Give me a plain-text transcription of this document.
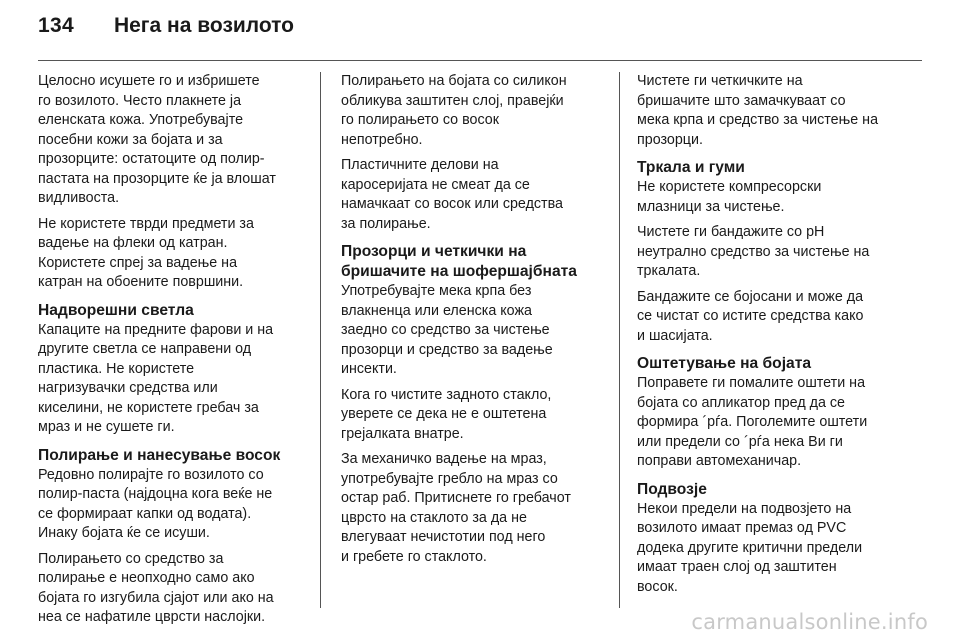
134 Нега на возилото

Целосно исушете го и избришете
го возилото. Често плакнете ја
еленската кожа. Употребувајте
посебни кожи за бојата и за
прозорците: остатоците од полир-
пастата на прозорците ќе ја влошат
видливоста.

Не користете тврди предмети за
вадење на флеки од катран.
Користете спреј за вадење на
катран на обоените површини.

Надворешни светла

Капаците на предните фарови и на
другите светла се направени од
пластика. Не користете
нагризувачки средства или
киселини, не користете гребач за
мраз и не сушете ги.

Полирање и нанесување восок

Редовно полирајте го возилото со
полир-паста (најдоцна кога веќе не
се формираат капки од водата).
Инаку бојата ќе се исуши.

Полирањето со средство за
полирање е неопходно само ако
бојата го изгубила сјајот или ако на
неа се нафатиле цврсти наслојки.

Полирањето на бојата со силикон
обликува заштитен слој, правејќи
го полирањето со восок
непотребно.

Пластичните делови на
каросеријата не смеат да се
намачкаат со восок или средства
за полирање.

Прозорци и четкички на
бришачите на шофершајбната

Употребувајте мека крпа без
влакненца или еленска кожа
заедно со средство за чистење
прозорци и средство за вадење
инсекти.

Кога го чистите задното стакло,
уверете се дека не е оштетена
грејалката внатре.

За механичко вадење на мраз,
употребувајте гребло на мраз со
остар раб. Притиснете го гребачот
цврсто на стаклото за да не
влегуваат нечистотии под него
и гребете го стаклото.

Чистете ги четкичките на
бришачите што замачкуваат со
мека крпа и средство за чистење на
прозорци.

Тркала и гуми

Не користете компресорски
млазници за чистење.

Чистете ги бандажите со pH
неутрално средство за чистење на
тркалата.

Бандажите се бојосани и може да
се чистат со истите средства како
и шасијата.

Оштетување на бојата

Поправете ги помалите оштети на
бојата со апликатор пред да се
формира ´рѓа. Поголемите оштети
или предели со ´рѓа нека Ви ги
поправи автомеханичар.

Подвозје

Некои предели на подвозјето на
возилото имаат премаз од PVC
додека другите критични предели
имаат траен слој од заштитен
восок.

carmanualsonline.info
